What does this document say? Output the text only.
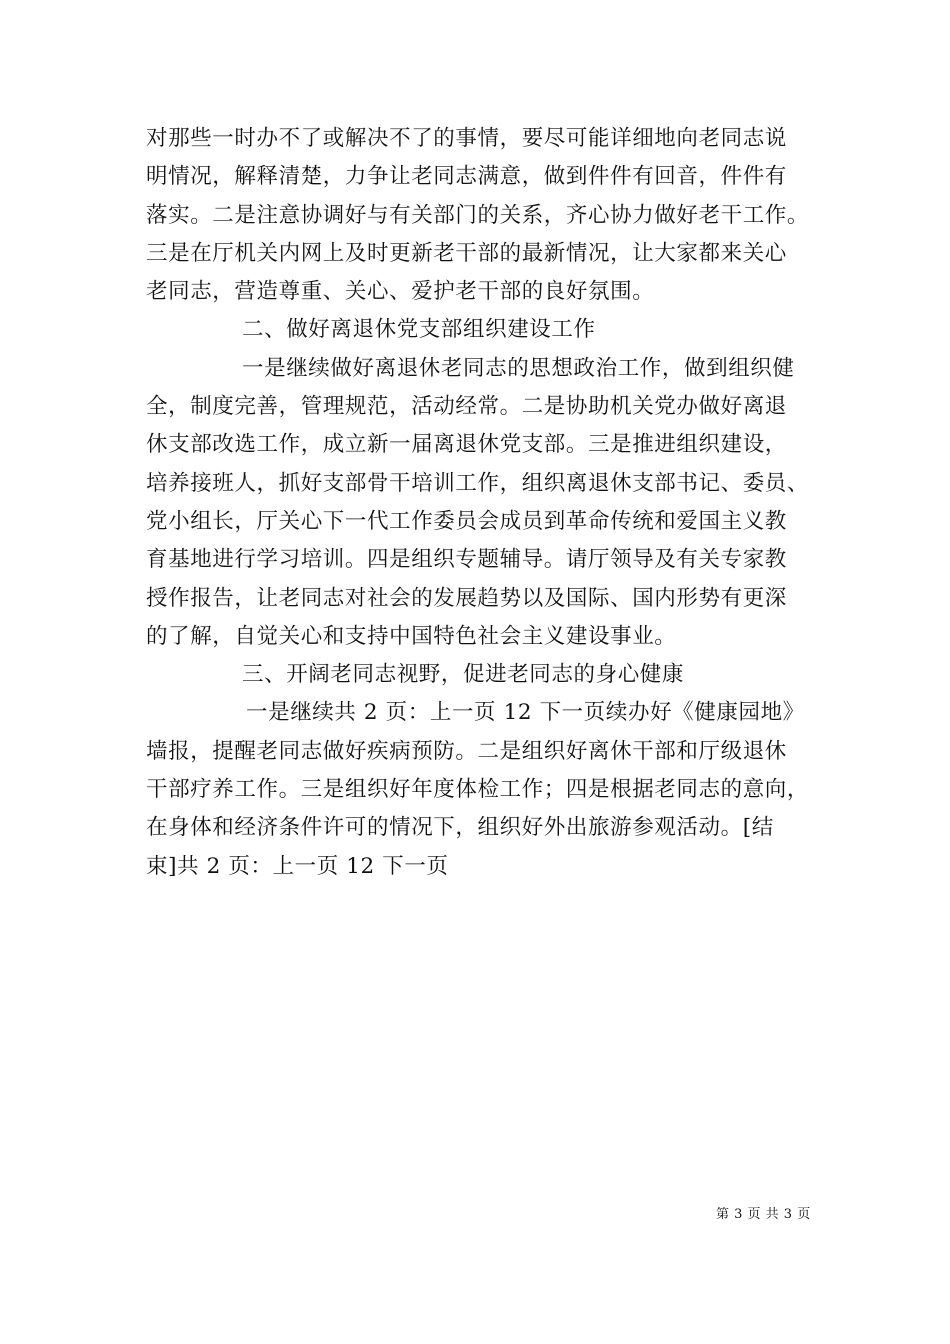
对那些一时办不了或解决不了的事情，要尽可能详细地向老同志说
明情况，解释清楚，力争让老同志满意，做到件件有回音，件件有
落实。二是注意协调好与有关部门的关系，齐心协力做好老干工作。
三是在厅机关内网上及时更新老干部的最新情况，让大家都来关心
老同志，营造尊重、关心、爱护老干部的良好氛围。
二、做好离退休党支部组织建设工作
一是继续做好离退休老同志的思想政治工作，做到组织健
全，制度完善，管理规范，活动经常。二是协助机关党办做好离退
休支部改选工作，成立新一届离退休党支部。三是推进组织建设，
培养接班人，抓好支部骨干培训工作，组织离退休支部书记、委员、
党小组长，厅关心下一代工作委员会成员到革命传统和爱国主义教
育基地进行学习培训。四是组织专题辅导。请厅领导及有关专家教
授作报告，让老同志对社会的发展趋势以及国际、国内形势有更深
的了解，自觉关心和支持中国特色社会主义建设事业。
三、开阔老同志视野，促进老同志的身心健康
一是继续共 2 页：上一页 12 下一页续办好《健康园地》
墙报，提醒老同志做好疾病预防。二是组织好离休干部和厅级退休
干部疗养工作。三是组织好年度体检工作；四是根据老同志的意向，
在身体和经济条件许可的情况下，组织好外出旅游参观活动。[结
束]共 2 页：上一页 12 下一页
第 3 页 共 3 页
